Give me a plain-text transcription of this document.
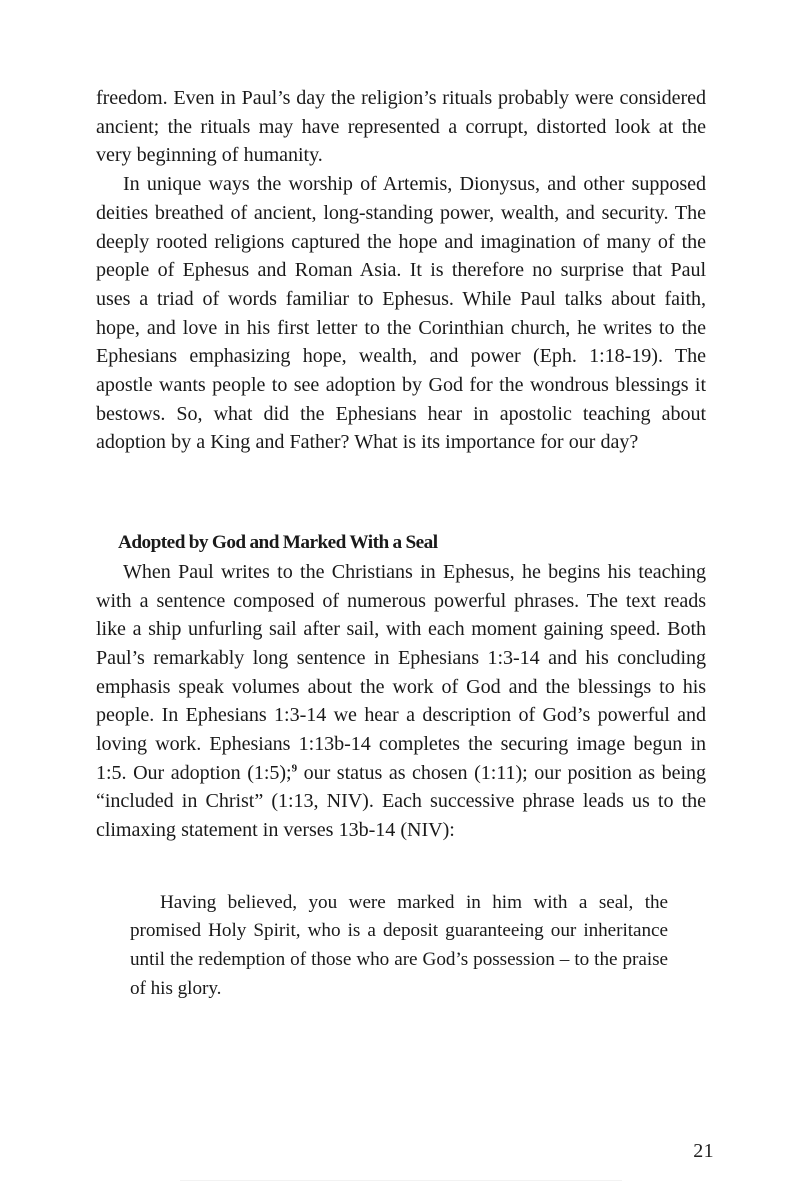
freedom. Even in Paul’s day the religion’s rituals probably were considered ancient; the rituals may have represented a corrupt, distorted look at the very beginning of humanity.

In unique ways the worship of Artemis, Dionysus, and other supposed deities breathed of ancient, long-standing power, wealth, and security. The deeply rooted religions captured the hope and imagination of many of the people of Ephesus and Roman Asia. It is therefore no surprise that Paul uses a triad of words familiar to Ephesus. While Paul talks about faith, hope, and love in his first letter to the Corinthian church, he writes to the Ephesians emphasizing hope, wealth, and power (Eph. 1:18-19). The apostle wants people to see adoption by God for the wondrous blessings it bestows. So, what did the Ephesians hear in apostolic teaching about adoption by a King and Father? What is its importance for our day?

Adopted by God and Marked With a Seal

When Paul writes to the Christians in Ephesus, he begins his teaching with a sentence composed of numerous powerful phrases. The text reads like a ship unfurling sail after sail, with each moment gaining speed. Both Paul’s remarkably long sentence in Ephesians 1:3-14 and his concluding emphasis speak volumes about the work of God and the blessings to his people. In Ephesians 1:3-14 we hear a description of God’s powerful and loving work. Ephesians 1:13b-14 completes the securing image begun in 1:5. Our adoption (1:5);$^9$ our status as chosen (1:11); our position as being “included in Christ” (1:13, NIV). Each successive phrase leads us to the climaxing statement in verses 13b-14 (NIV):

Having believed, you were marked in him with a seal, the promised Holy Spirit, who is a deposit guaranteeing our inheritance until the redemption of those who are God’s possession – to the praise of his glory.

21
